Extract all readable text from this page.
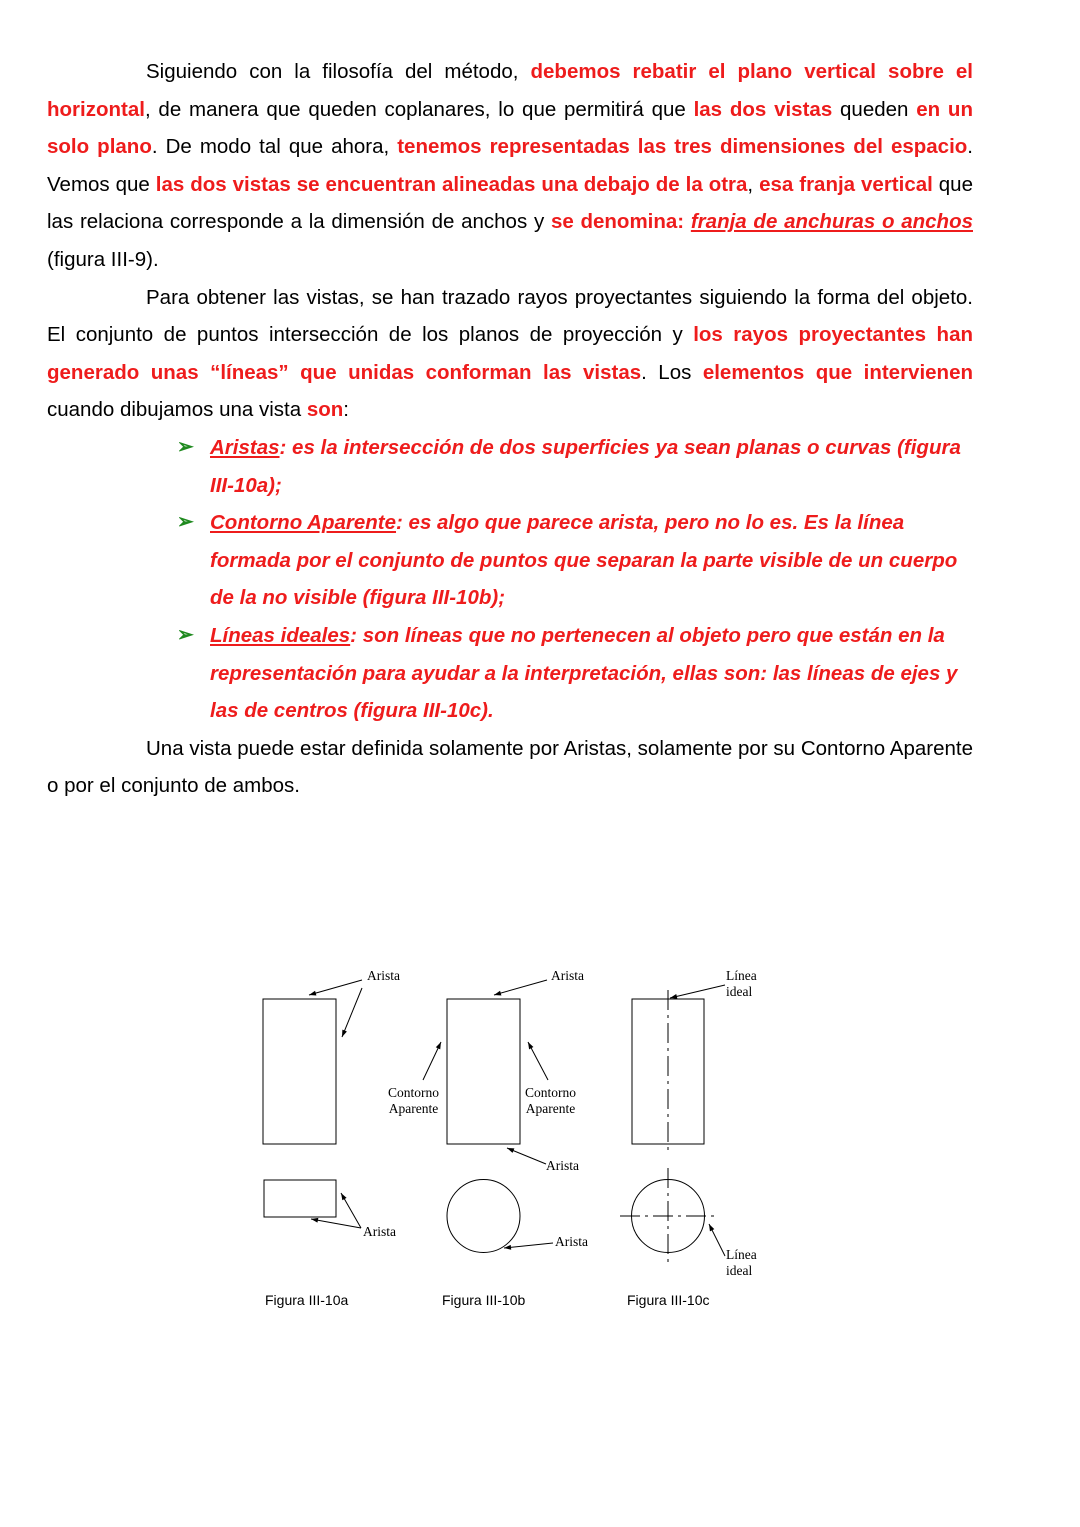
Siguiendo con la filosofía del método, debemos rebatir el plano vertical sobre el horizontal, de manera que queden coplanares, lo que permitirá que las dos vistas queden en un solo plano. De modo tal que ahora, tenemos representadas las tres dimensiones del espacio. Vemos que las dos vistas se encuentran alineadas una debajo de la otra, esa franja vertical que las relaciona corresponde a la dimensión de anchos y se denomina: franja de anchuras o anchos (figura III-9).

Para obtener las vistas, se han trazado rayos proyectantes siguiendo la forma del objeto. El conjunto de puntos intersección de los planos de proyección y los rayos proyectantes han generado unas “líneas” que unidas conforman las vistas. Los elementos que intervienen cuando dibujamos una vista son:

➢ Aristas: es la intersección de dos superficies ya sean planas o curvas (figura III-10a);
➢ Contorno Aparente: es algo que parece arista, pero no lo es. Es la línea formada por el conjunto de puntos que separan la parte visible de un cuerpo de la no visible (figura III-10b);
➢ Líneas ideales: son líneas que no pertenecen al objeto pero que están en la representación para ayudar a la interpretación, ellas son: las líneas de ejes y las de centros (figura III-10c).

Una vista puede estar definida solamente por Aristas, solamente por su Contorno Aparente o por el conjunto de ambos.

Arista
Arista
Arista
Contorno
Aparente
Contorno
Aparente
Arista
Arista
Línea
ideal
Línea
ideal
Figura III-10a	Figura III-10b	Figura III-10c
